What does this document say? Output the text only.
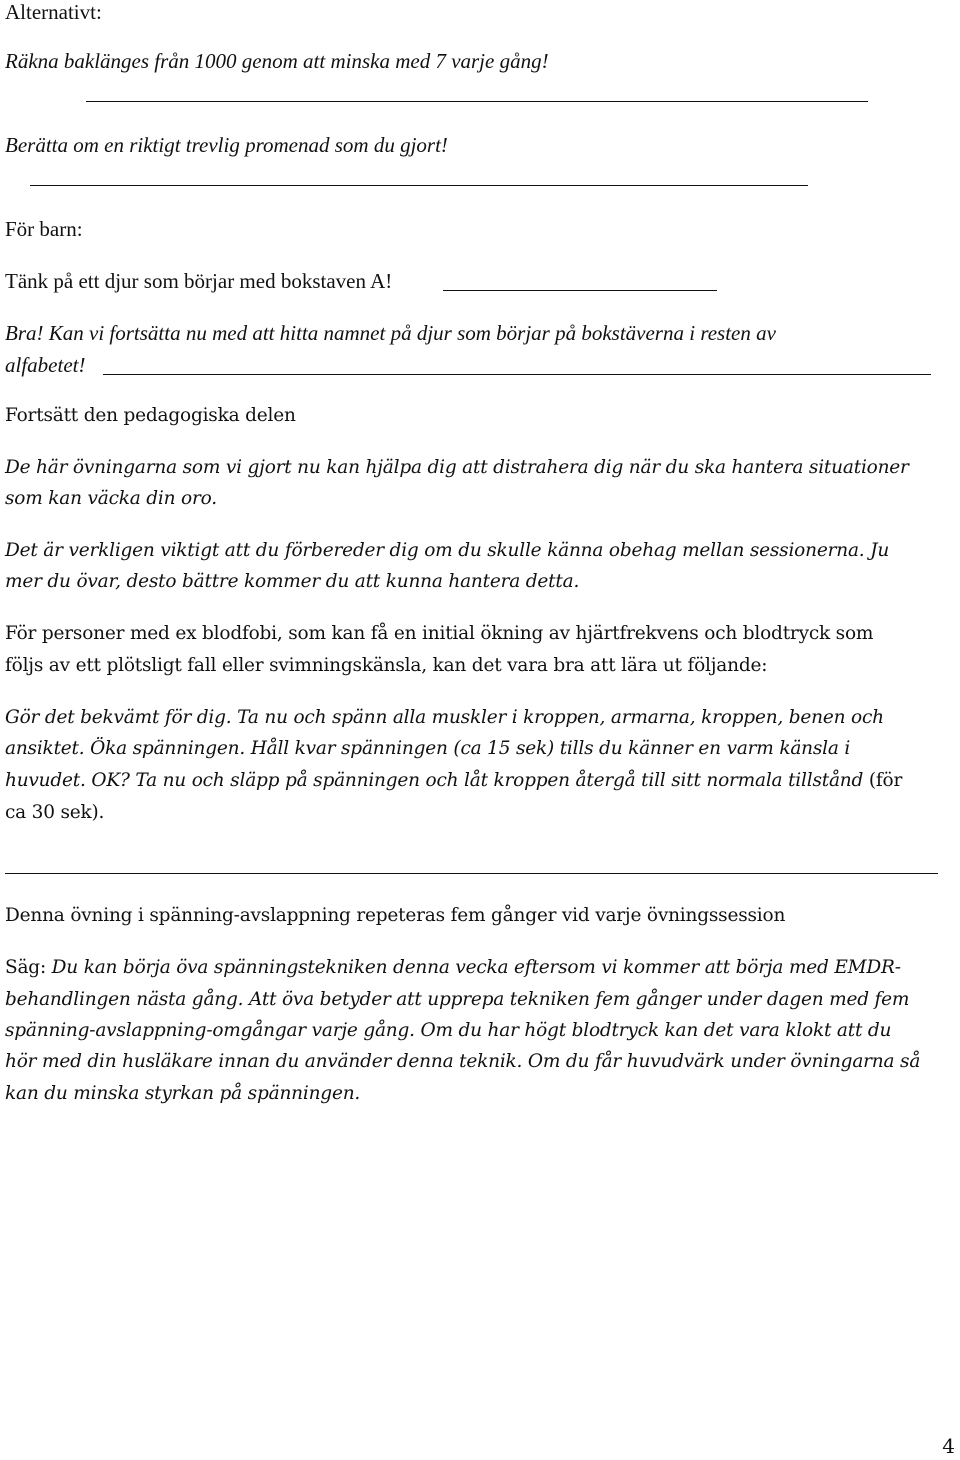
Alternativt:

Räkna baklänges från 1000 genom att minska med 7 varje gång!

Berätta om en riktigt trevlig promenad som du gjort!

För barn:

Tänk på ett djur som börjar med bokstaven A!

Bra! Kan vi fortsätta nu med att hitta namnet på djur som börjar på bokstäverna i resten av

alfabetet!

Fortsätt den pedagogiska delen

De här övningarna som vi gjort nu kan hjälpa dig att distrahera dig när du ska hantera situationer

som kan väcka din oro.

Det är verkligen viktigt att du förbereder dig om du skulle känna obehag mellan sessionerna. Ju

mer du övar, desto bättre kommer du att kunna hantera detta.

För personer med ex blodfobi, som kan få en initial ökning av hjärtfrekvens och blodtryck som

följs av ett plötsligt fall eller svimningskänsla, kan det vara bra att lära ut följande:

Gör det bekvämt för dig. Ta nu och spänn alla muskler i kroppen, armarna, kroppen, benen och

ansiktet. Öka spänningen. Håll kvar spänningen (ca 15 sek) tills du känner en varm känsla i

huvudet. OK? Ta nu och släpp på spänningen och låt kroppen återgå till sitt normala tillstånd (för

ca 30 sek).

Denna övning i spänning-avslappning repeteras fem gånger vid varje övningssession

Säg: Du kan börja öva spänningstekniken denna vecka eftersom vi kommer att börja med EMDR-

behandlingen nästa gång. Att öva betyder att upprepa tekniken fem gånger under dagen med fem

spänning-avslappning-omgångar varje gång. Om du har högt blodtryck kan det vara klokt att du

hör med din husläkare innan du använder denna teknik. Om du får huvudvärk under övningarna så

kan du minska styrkan på spänningen.

4
